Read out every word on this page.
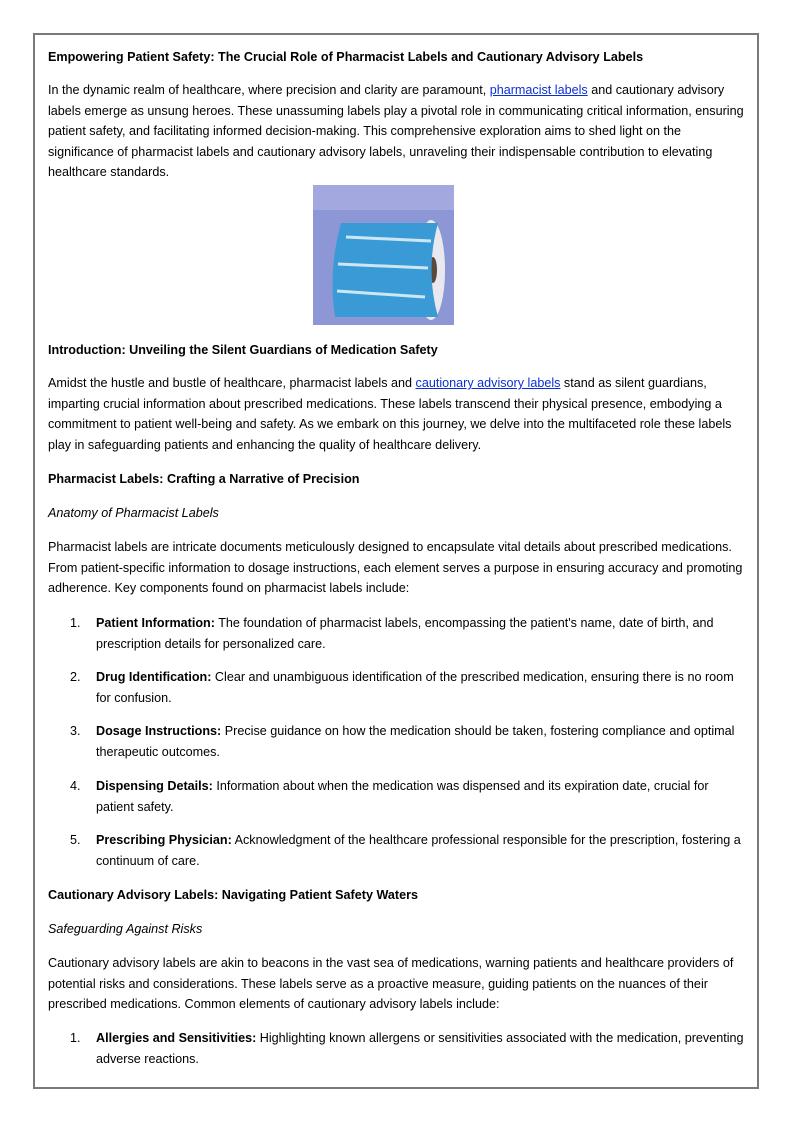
Empowering Patient Safety: The Crucial Role of Pharmacist Labels and Cautionary Advisory Labels

In the dynamic realm of healthcare, where precision and clarity are paramount, pharmacist labels and cautionary advisory labels emerge as unsung heroes. These unassuming labels play a pivotal role in communicating critical information, ensuring patient safety, and facilitating informed decision-making. This comprehensive exploration aims to shed light on the significance of pharmacist labels and cautionary advisory labels, unraveling their indispensable contribution to elevating healthcare standards.

Introduction: Unveiling the Silent Guardians of Medication Safety

Amidst the hustle and bustle of healthcare, pharmacist labels and cautionary advisory labels stand as silent guardians, imparting crucial information about prescribed medications. These labels transcend their physical presence, embodying a commitment to patient well-being and safety. As we embark on this journey, we delve into the multifaceted role these labels play in safeguarding patients and enhancing the quality of healthcare delivery.

Pharmacist Labels: Crafting a Narrative of Precision

Anatomy of Pharmacist Labels

Pharmacist labels are intricate documents meticulously designed to encapsulate vital details about prescribed medications. From patient-specific information to dosage instructions, each element serves a purpose in ensuring accuracy and promoting adherence. Key components found on pharmacist labels include:

1. Patient Information: The foundation of pharmacist labels, encompassing the patient's name, date of birth, and prescription details for personalized care.
2. Drug Identification: Clear and unambiguous identification of the prescribed medication, ensuring there is no room for confusion.
3. Dosage Instructions: Precise guidance on how the medication should be taken, fostering compliance and optimal therapeutic outcomes.
4. Dispensing Details: Information about when the medication was dispensed and its expiration date, crucial for patient safety.
5. Prescribing Physician: Acknowledgment of the healthcare professional responsible for the prescription, fostering a continuum of care.

Cautionary Advisory Labels: Navigating Patient Safety Waters

Safeguarding Against Risks

Cautionary advisory labels are akin to beacons in the vast sea of medications, warning patients and healthcare providers of potential risks and considerations. These labels serve as a proactive measure, guiding patients on the nuances of their prescribed medications. Common elements of cautionary advisory labels include:

1. Allergies and Sensitivities: Highlighting known allergens or sensitivities associated with the medication, preventing adverse reactions.
